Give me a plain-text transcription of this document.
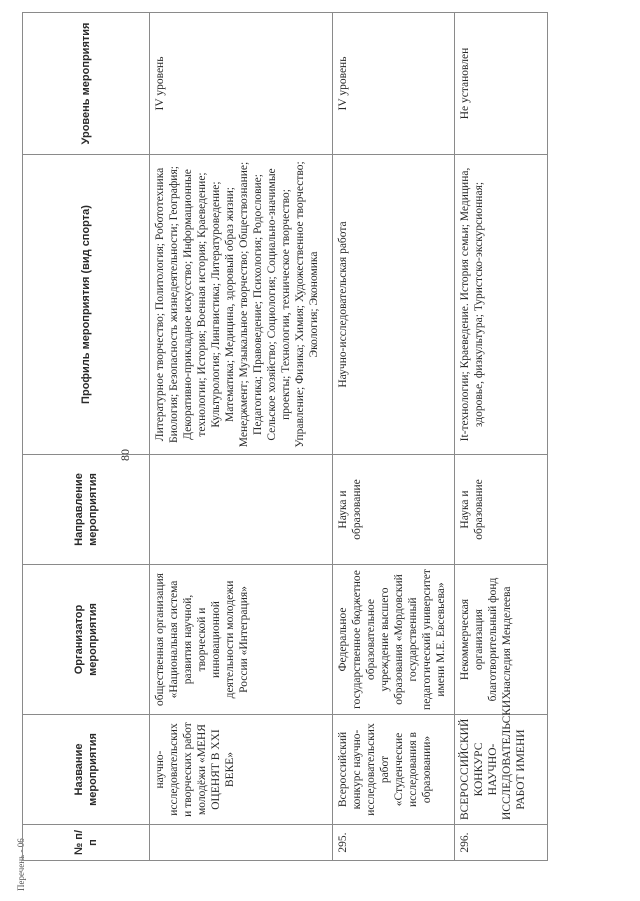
80
Перечень - 06	№ п/п	Название мероприятия	Организатор мероприятия	Направление мероприятия	Профиль мероприятия (вид спорта)	Уровень мероприятия
	научно-исследовательских и творческих работ молодёжи «МЕНЯ ОЦЕНЯТ В XXI ВЕКЕ»	общественная организация «Национальная система развития научной, творческой и инновационной деятельности молодежи России «Интеграция»		Литературное творчество; Политология; Робототехника Биология; Безопасность жизнедеятельности; География; Декоративно-прикладное искусство; Информационные технологии; История; Военная история; Краеведение; Культурология; Лингвистика; Литературоведение; Математика; Медицина, здоровый образ жизни; Менеджмент; Музыкальное творчество; Обществознание; Педагогика; Правоведение; Психология; Родословие; Сельское хозяйство; Социология; Социально-значимые проекты; Технологии, техническое творчество; Управление; Физика; Химия; Художественное творчество; Экология; Экономика	IV уровень
295.	Всероссийский конкурс научно-исследовательских работ «Студенческие исследования в образовании»	Федеральное государственное бюджетное образовательное учреждение высшего образования «Мордовский государственный педагогический университет имени М.Е. Евсевьева»	Наука и образование	Научно-исследовательская работа	IV уровень
296.	ВСЕРОССИЙСКИЙ КОНКУРС НАУЧНО-ИССЛЕДОВАТЕЛЬСКИХ РАБОТ ИМЕНИ	Некоммерческая организация благотворительный фонд наследия Менделеева	Наука и образование	It-технологии; Краеведение. История семьи; Медицина, здоровье, физкультура; Туристско-экскурсионная;	Не установлен
